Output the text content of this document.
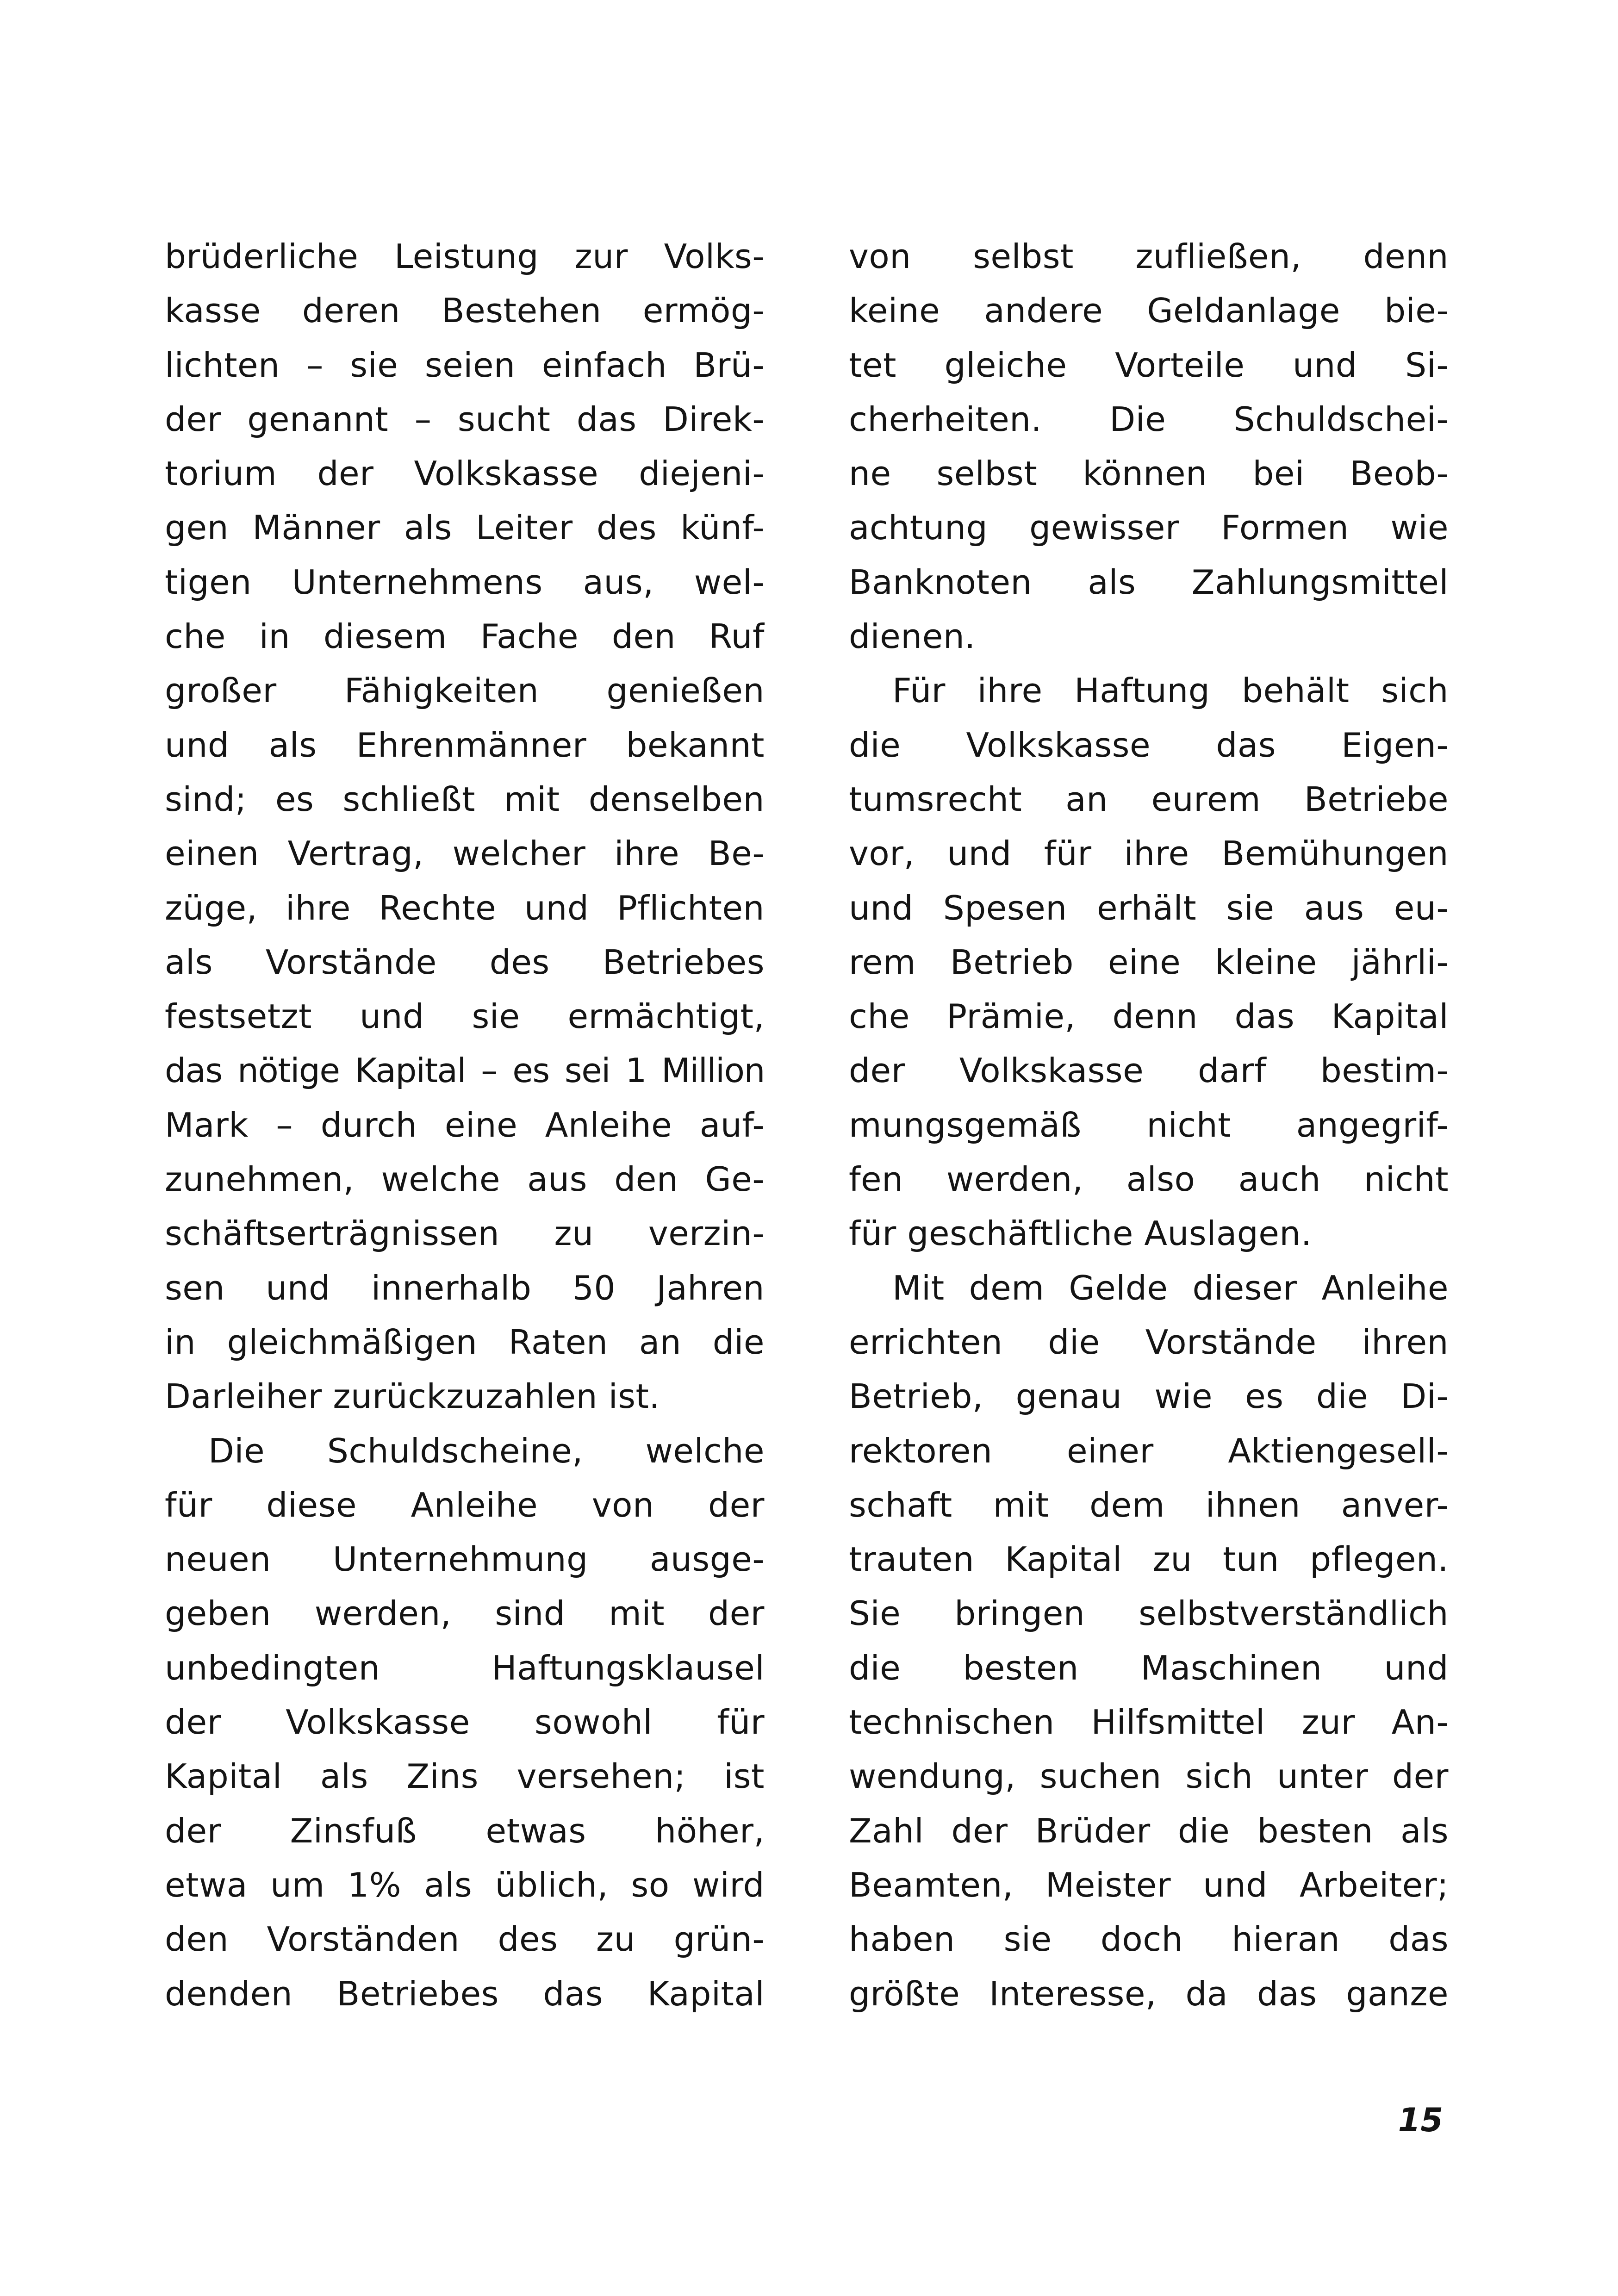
brüderliche Leistung zur Volks-
kasse deren Bestehen ermög-
lichten – sie seien einfach Brü-
der genannt – sucht das Direk-
torium der Volkskasse diejeni-
gen Männer als Leiter des künf-
tigen Unternehmens aus, wel-
che in diesem Fache den Ruf
großer Fähigkeiten genießen
und als Ehrenmänner bekannt
sind; es schließt mit denselben
einen Vertrag, welcher ihre Be-
züge, ihre Rechte und Pflichten
als Vorstände des Betriebes
festsetzt und sie ermächtigt,
das nötige Kapital – es sei 1 Million
Mark – durch eine Anleihe auf-
zunehmen, welche aus den Ge-
schäftserträgnissen zu verzin-
sen und innerhalb 50 Jahren
in gleichmäßigen Raten an die
Darleiher zurückzuzahlen ist.
Die Schuldscheine, welche
für diese Anleihe von der
neuen Unternehmung ausge-
geben werden, sind mit der
unbedingten Haftungsklausel
der Volkskasse sowohl für
Kapital als Zins versehen; ist
der Zinsfuß etwas höher,
etwa um 1% als üblich, so wird
den Vorständen des zu grün-
denden Betriebes das Kapital
von selbst zufließen, denn
keine andere Geldanlage bie-
tet gleiche Vorteile und Si-
cherheiten. Die Schuldschei-
ne selbst können bei Beob-
achtung gewisser Formen wie
Banknoten als Zahlungsmittel
dienen.
Für ihre Haftung behält sich
die Volkskasse das Eigen-
tumsrecht an eurem Betriebe
vor, und für ihre Bemühungen
und Spesen erhält sie aus eu-
rem Betrieb eine kleine jährli-
che Prämie, denn das Kapital
der Volkskasse darf bestim-
mungsgemäß nicht angegrif-
fen werden, also auch nicht
für geschäftliche Auslagen.
Mit dem Gelde dieser Anleihe
errichten die Vorstände ihren
Betrieb, genau wie es die Di-
rektoren einer Aktiengesell-
schaft mit dem ihnen anver-
trauten Kapital zu tun pflegen.
Sie bringen selbstverständlich
die besten Maschinen und
technischen Hilfsmittel zur An-
wendung, suchen sich unter der
Zahl der Brüder die besten als
Beamten, Meister und Arbeiter;
haben sie doch hieran das
größte Interesse, da das ganze
15
